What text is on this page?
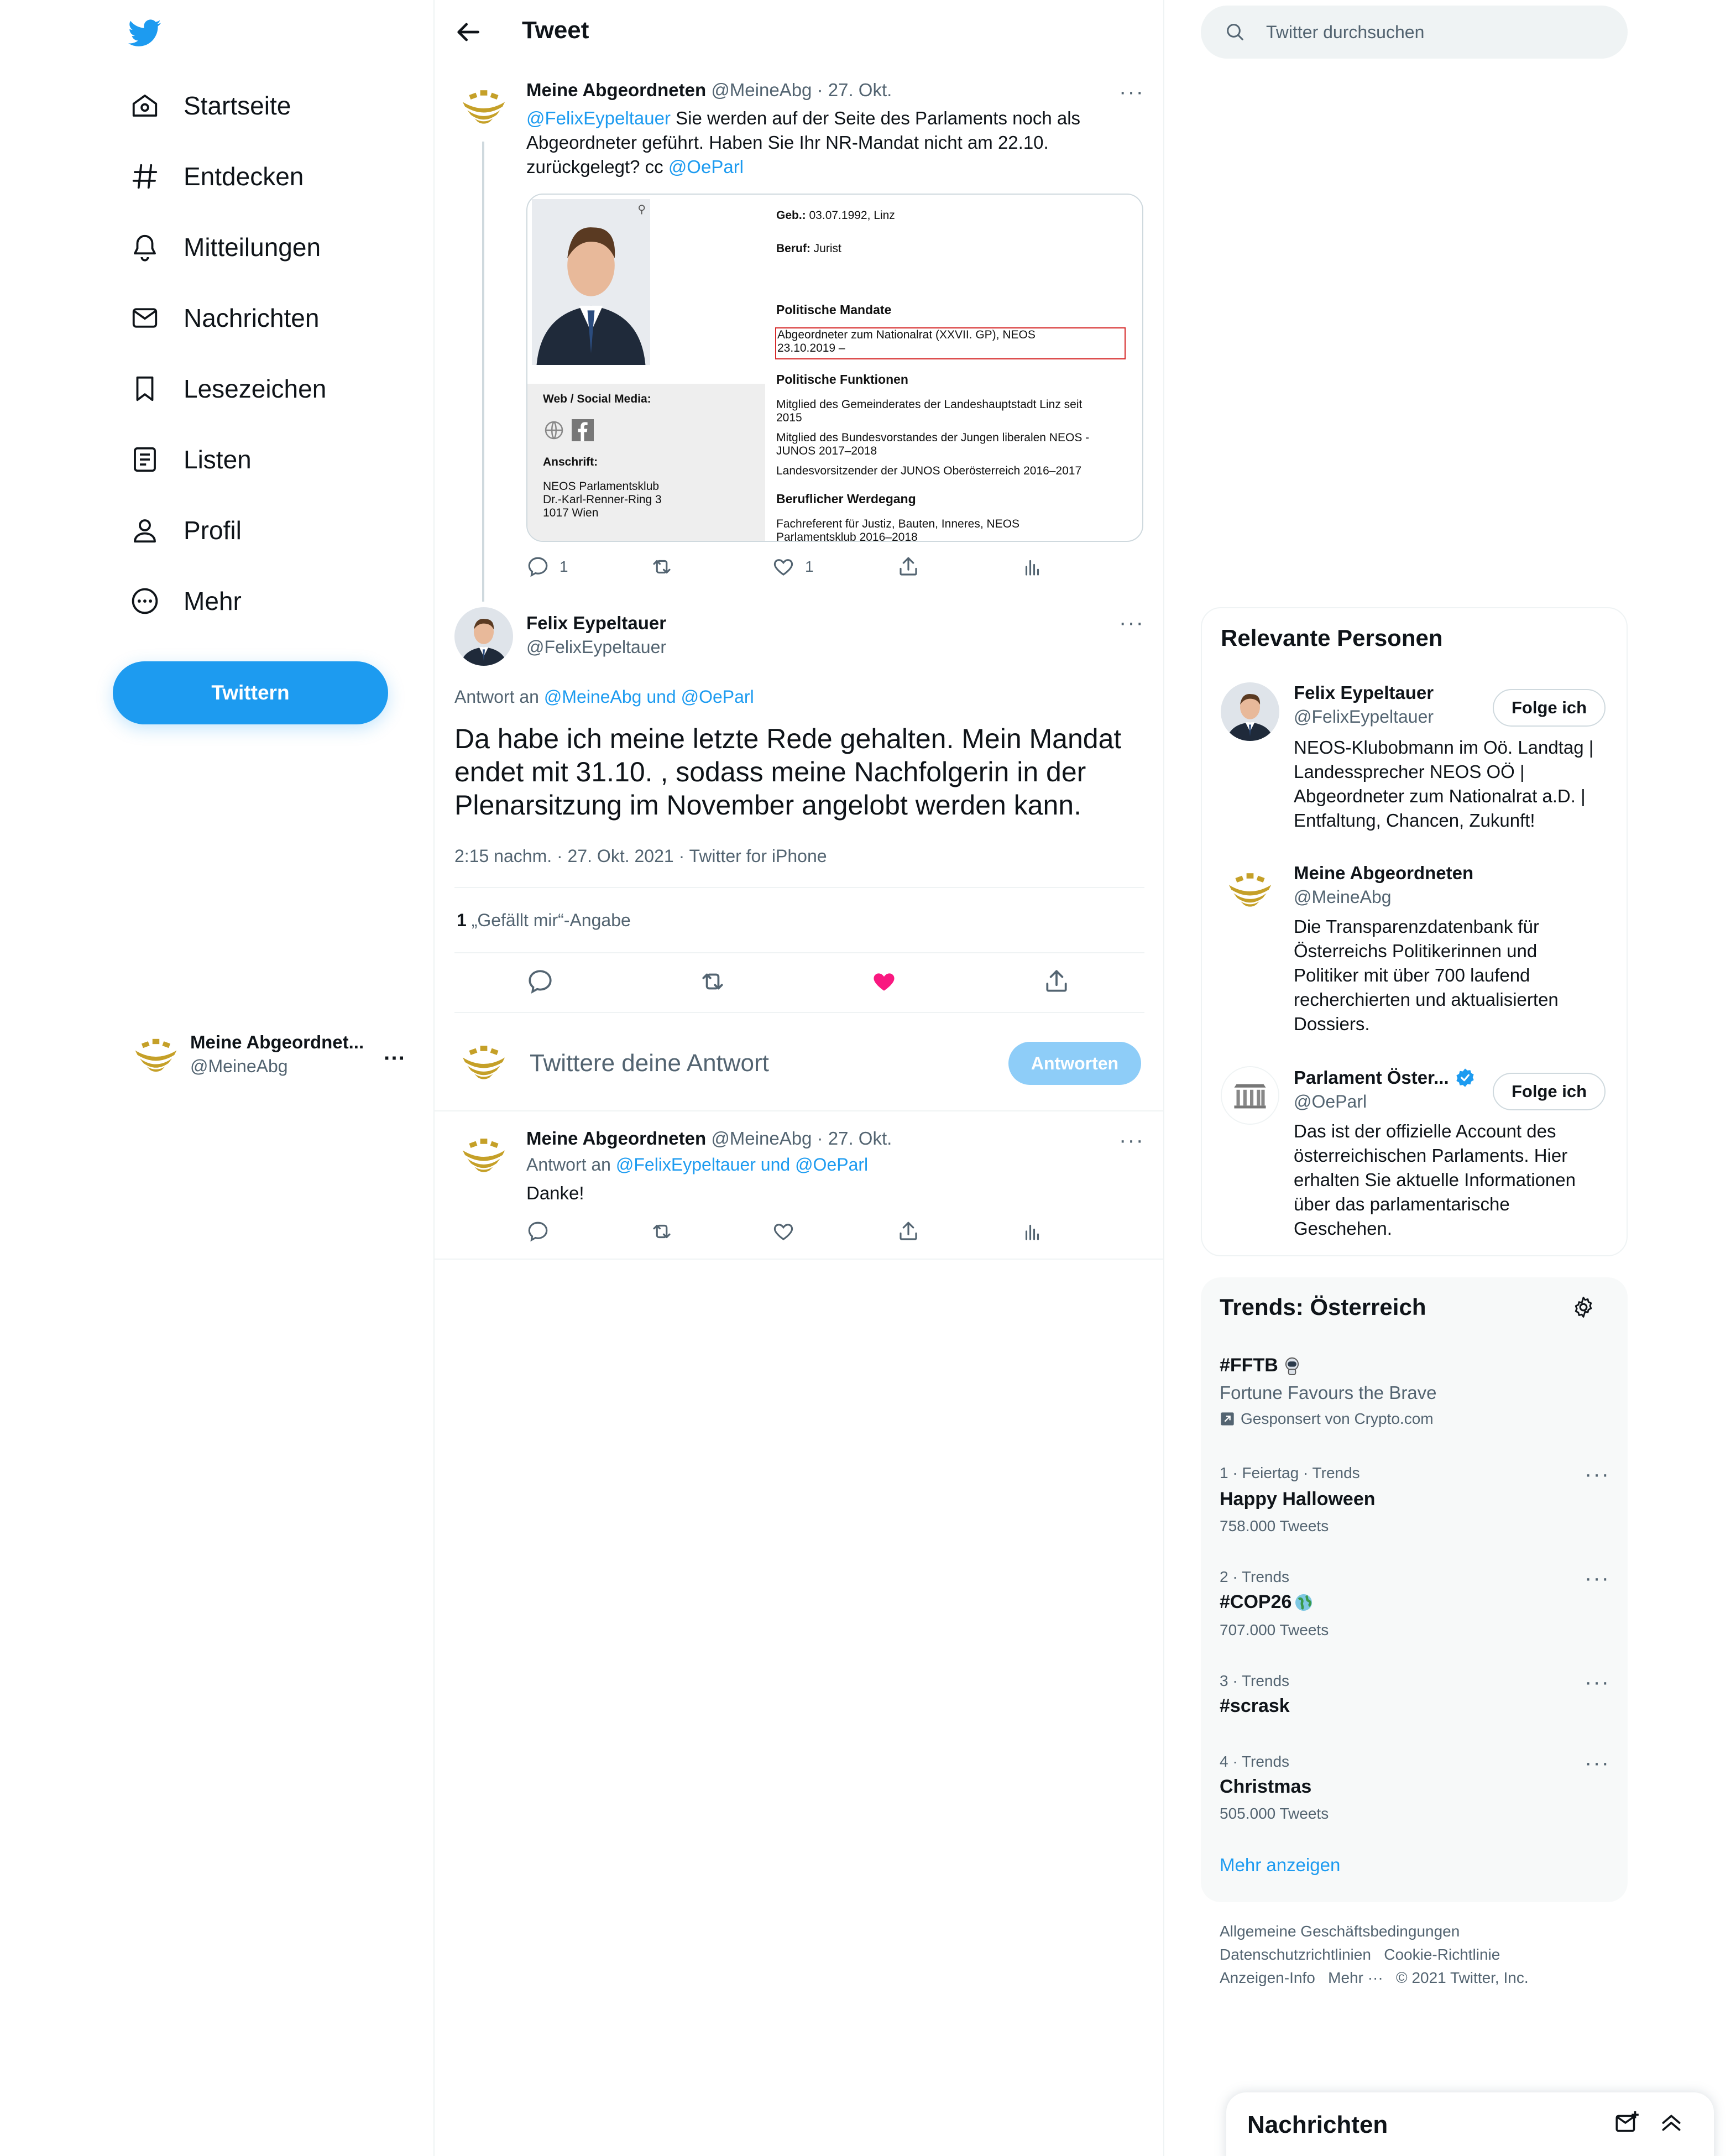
Startseite
Entdecken
Mitteilungen
Nachrichten
Lesezeichen
Listen
Profil
Mehr
Twittern
Meine Abgeordnet...
@MeineAbg	···
Tweet
Meine Abgeordneten @MeineAbg · 27. Okt.	···
@FelixEypeltauer Sie werden auf der Seite des Parlaments noch als
Abgeordneter geführt. Haben Sie Ihr NR-Mandat nicht am 22.10.
zurückgelegt? cc @OeParl
⚲
Web / Social Media:
Anschrift:
NEOS Parlamentsklub
Dr.-Karl-Renner-Ring 3
1017 Wien
Geb.: 03.07.1992, Linz
Beruf: Jurist
Politische Mandate
Abgeordneter zum Nationalrat (XXVII. GP), NEOS
23.10.2019 –
Politische Funktionen
Mitglied des Gemeinderates der Landeshauptstadt Linz seit
2015
Mitglied des Bundesvorstandes der Jungen liberalen NEOS -
JUNOS 2017–2018
Landesvorsitzender der JUNOS Oberösterreich 2016–2017
Beruflicher Werdegang
Fachreferent für Justiz, Bauten, Inneres, NEOS
Parlamentsklub 2016–2018
1	1
Felix Eypeltauer
@FelixEypeltauer
···
Antwort an @MeineAbg und @OeParl
Da habe ich meine letzte Rede gehalten. Mein Mandat
endet mit 31.10. , sodass meine Nachfolgerin in der
Plenarsitzung im November angelobt werden kann.
2:15 nachm. · 27. Okt. 2021 · Twitter for iPhone
1 „Gefällt mir“-Angabe
Twittere deine Antwort	Antworten
Meine Abgeordneten @MeineAbg · 27. Okt.	···
Antwort an @FelixEypeltauer und @OeParl
Danke!
Twitter durchsuchen
Relevante Personen
Felix Eypeltauer
@FelixEypeltauer	Folge ich
NEOS-Klubobmann im Oö. Landtag |
Landessprecher NEOS OÖ |
Abgeordneter zum Nationalrat a.D. |
Entfaltung, Chancen, Zukunft!
Meine Abgeordneten
@MeineAbg
Die Transparenzdatenbank für
Österreichs Politikerinnen und
Politiker mit über 700 laufend
recherchierten und aktualisierten
Dossiers.
Parlament Öster...
@OeParl
Folge ich
Das ist der offizielle Account des
österreichischen Parlaments. Hier
erhalten Sie aktuelle Informationen
über das parlamentarische
Geschehen.
Trends: Österreich
#FFTB
Fortune Favours the Brave
Gesponsert von Crypto.com
1 · Feiertag · Trends
Happy Halloween
758.000 Tweets
···
2 · Trends
#COP26
707.000 Tweets
···
3 · Trends
#scrask
···
4 · Trends
Christmas
505.000 Tweets
···
Mehr anzeigen
Allgemeine Geschäftsbedingungen
Datenschutzrichtlinien Cookie-Richtlinie
Anzeigen-Info Mehr ··· © 2021 Twitter, Inc.
Nachrichten
